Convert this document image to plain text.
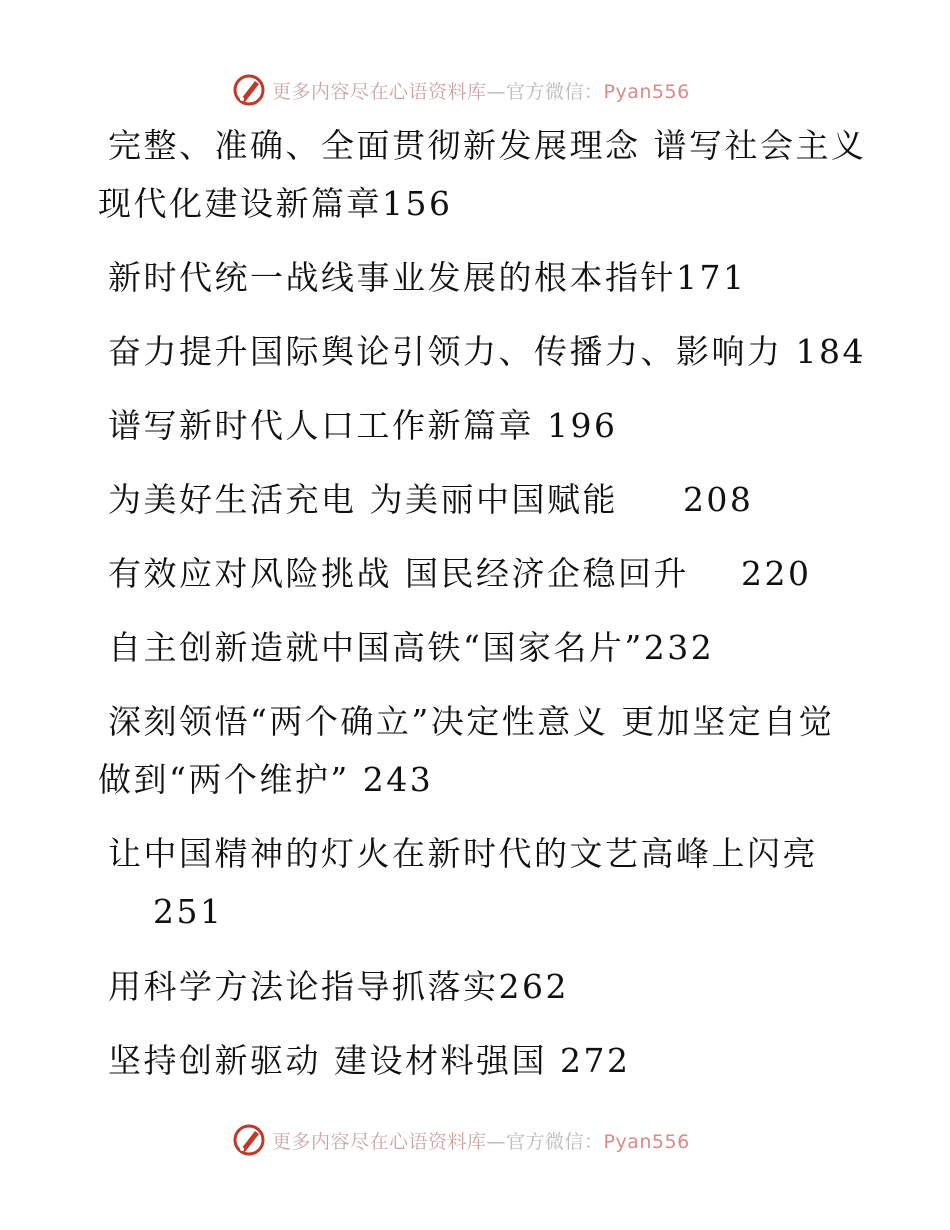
更多内容尽在心语资料库—官方微信：Pyan556
完整、准确、全面贯彻新发展理念 谱写社会主义
现代化建设新篇章156
新时代统一战线事业发展的根本指针171
奋力提升国际舆论引领力、传播力、影响力 184
谱写新时代人口工作新篇章 196
为美好生活充电 为美丽中国赋能     208
有效应对风险挑战 国民经济企稳回升    220
自主创新造就中国高铁“国家名片”232
深刻领悟“两个确立”决定性意义 更加坚定自觉
做到“两个维护” 243
让中国精神的灯火在新时代的文艺高峰上闪亮
251
用科学方法论指导抓落实262
坚持创新驱动 建设材料强国 272
更多内容尽在心语资料库—官方微信：Pyan556
